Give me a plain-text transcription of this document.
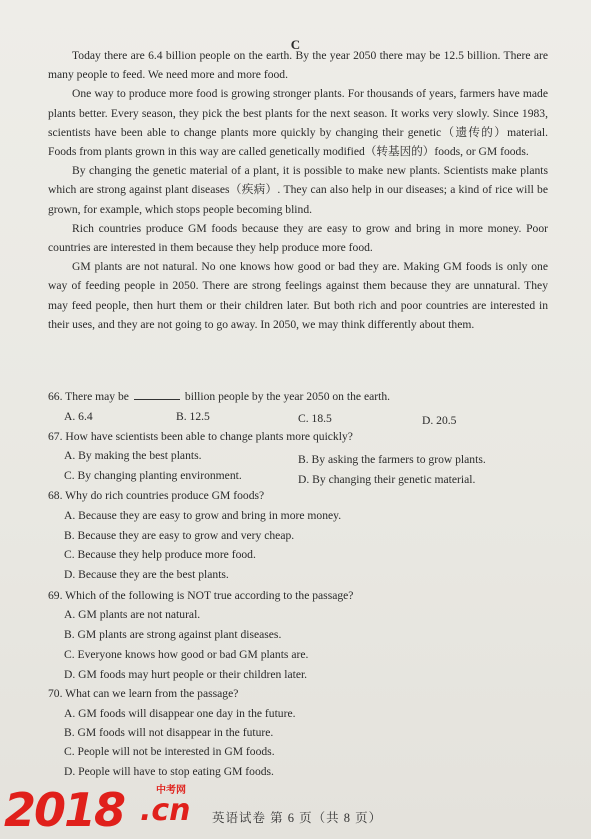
C

Today there are 6.4 billion people on the earth. By the year 2050 there may be 12.5 billion. There are many people to feed. We need more and more food.

One way to produce more food is growing stronger plants. For thousands of years, farmers have made plants better. Every season, they pick the best plants for the next season. It works very slowly. Since 1983, scientists have been able to change plants more quickly by changing their genetic（遗传的）material. Foods from plants grown in this way are called genetically modified（转基因的）foods, or GM foods.

By changing the genetic material of a plant, it is possible to make new plants. Scientists make plants which are strong against plant diseases（疾病）. They can also help in our diseases; a kind of rice will be grown, for example, which stops people becoming blind.

Rich countries produce GM foods because they are easy to grow and bring in more money. Poor countries are interested in them because they help produce more food.

GM plants are not natural. No one knows how good or bad they are. Making GM foods is only one way of feeding people in 2050. There are strong feelings against them because they are unnatural. They may feed people, then hurt them or their children later. But both rich and poor countries are interested in their uses, and they are not going to go away. In 2050, we may think differently about them.

66. There may be	billion people by the year 2050 on the earth.
A. 6.4	B. 12.5	C. 18.5	D. 20.5
67. How have scientists been able to change plants more quickly?
A. By making the best plants.	B. By asking the farmers to grow plants.
C. By changing planting environment.	D. By changing their genetic material.
68. Why do rich countries produce GM foods?
A. Because they are easy to grow and bring in more money.
B. Because they are easy to grow and very cheap.
C. Because they help produce more food.
D. Because they are the best plants.
69. Which of the following is NOT true according to the passage?
A. GM plants are not natural.
B. GM plants are strong against plant diseases.
C. Everyone knows how good or bad GM plants are.
D. GM foods may hurt people or their children later.
70. What can we learn from the passage?
A. GM foods will disappear one day in the future.
B. GM foods will not disappear in the future.
C. People will not be interested in GM foods.
D. People will have to stop eating GM foods.
2018	中考网
.cn 英语试卷 第 6 页（共 8 页）
